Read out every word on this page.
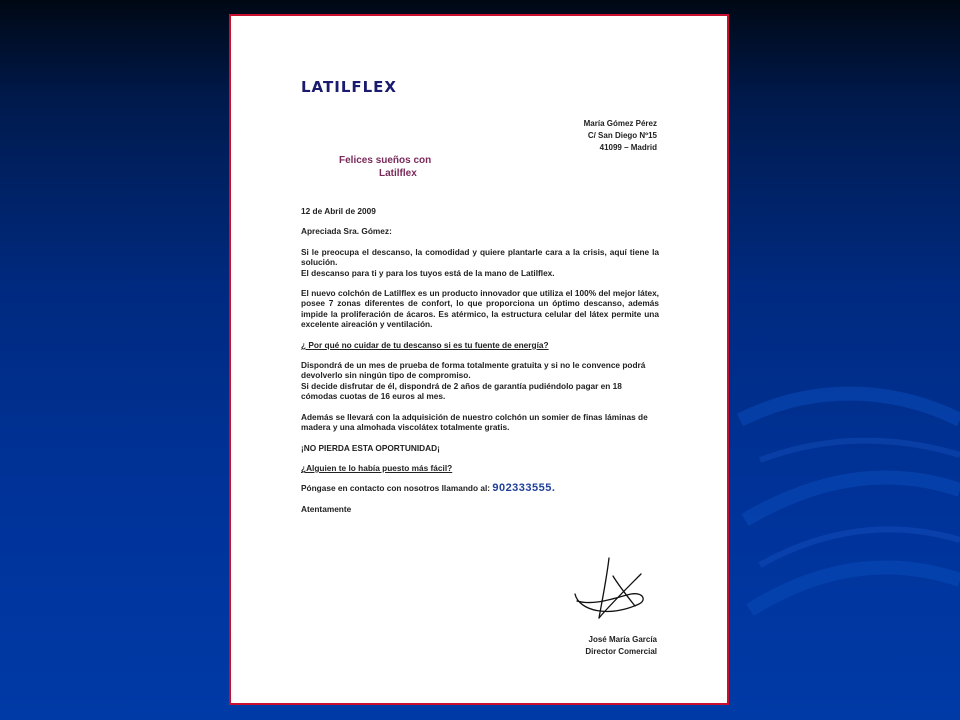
LATILFLEX
María Gómez Pérez
C/ San Diego Nº15
41099 – Madrid
Felices sueños con
Latilflex

12 de Abril de 2009

Apreciada Sra. Gómez:

Si le preocupa el descanso, la comodidad y quiere plantarle cara a la crisis, aquí tiene la solución.
El descanso para ti y para los tuyos está de la mano de Latilflex.

El nuevo colchón de Latilflex es un producto innovador que utiliza el 100% del mejor látex, posee 7 zonas diferentes de confort, lo que proporciona un óptimo descanso, además impide la proliferación de ácaros. Es atérmico, la estructura celular del látex permite una excelente aireación y ventilación.

¿ Por qué no cuidar de tu descanso si es tu fuente de energía?

Dispondrá de un mes de prueba de forma totalmente gratuita y si no le convence podrá devolverlo sin ningún tipo de compromiso.
Si decide disfrutar de él, dispondrá de 2 años de garantía pudiéndolo pagar en 18 cómodas cuotas de 16 euros al mes.

Además se llevará con la adquisición de nuestro colchón un somier de finas láminas de madera y una almohada viscolátex totalmente gratis.

¡NO PIERDA ESTA OPORTUNIDAD¡

¿Alguien te lo había puesto más fácil?

Póngase en contacto con nosotros llamando al: 902333555.

Atentamente

José María García
Director Comercial
